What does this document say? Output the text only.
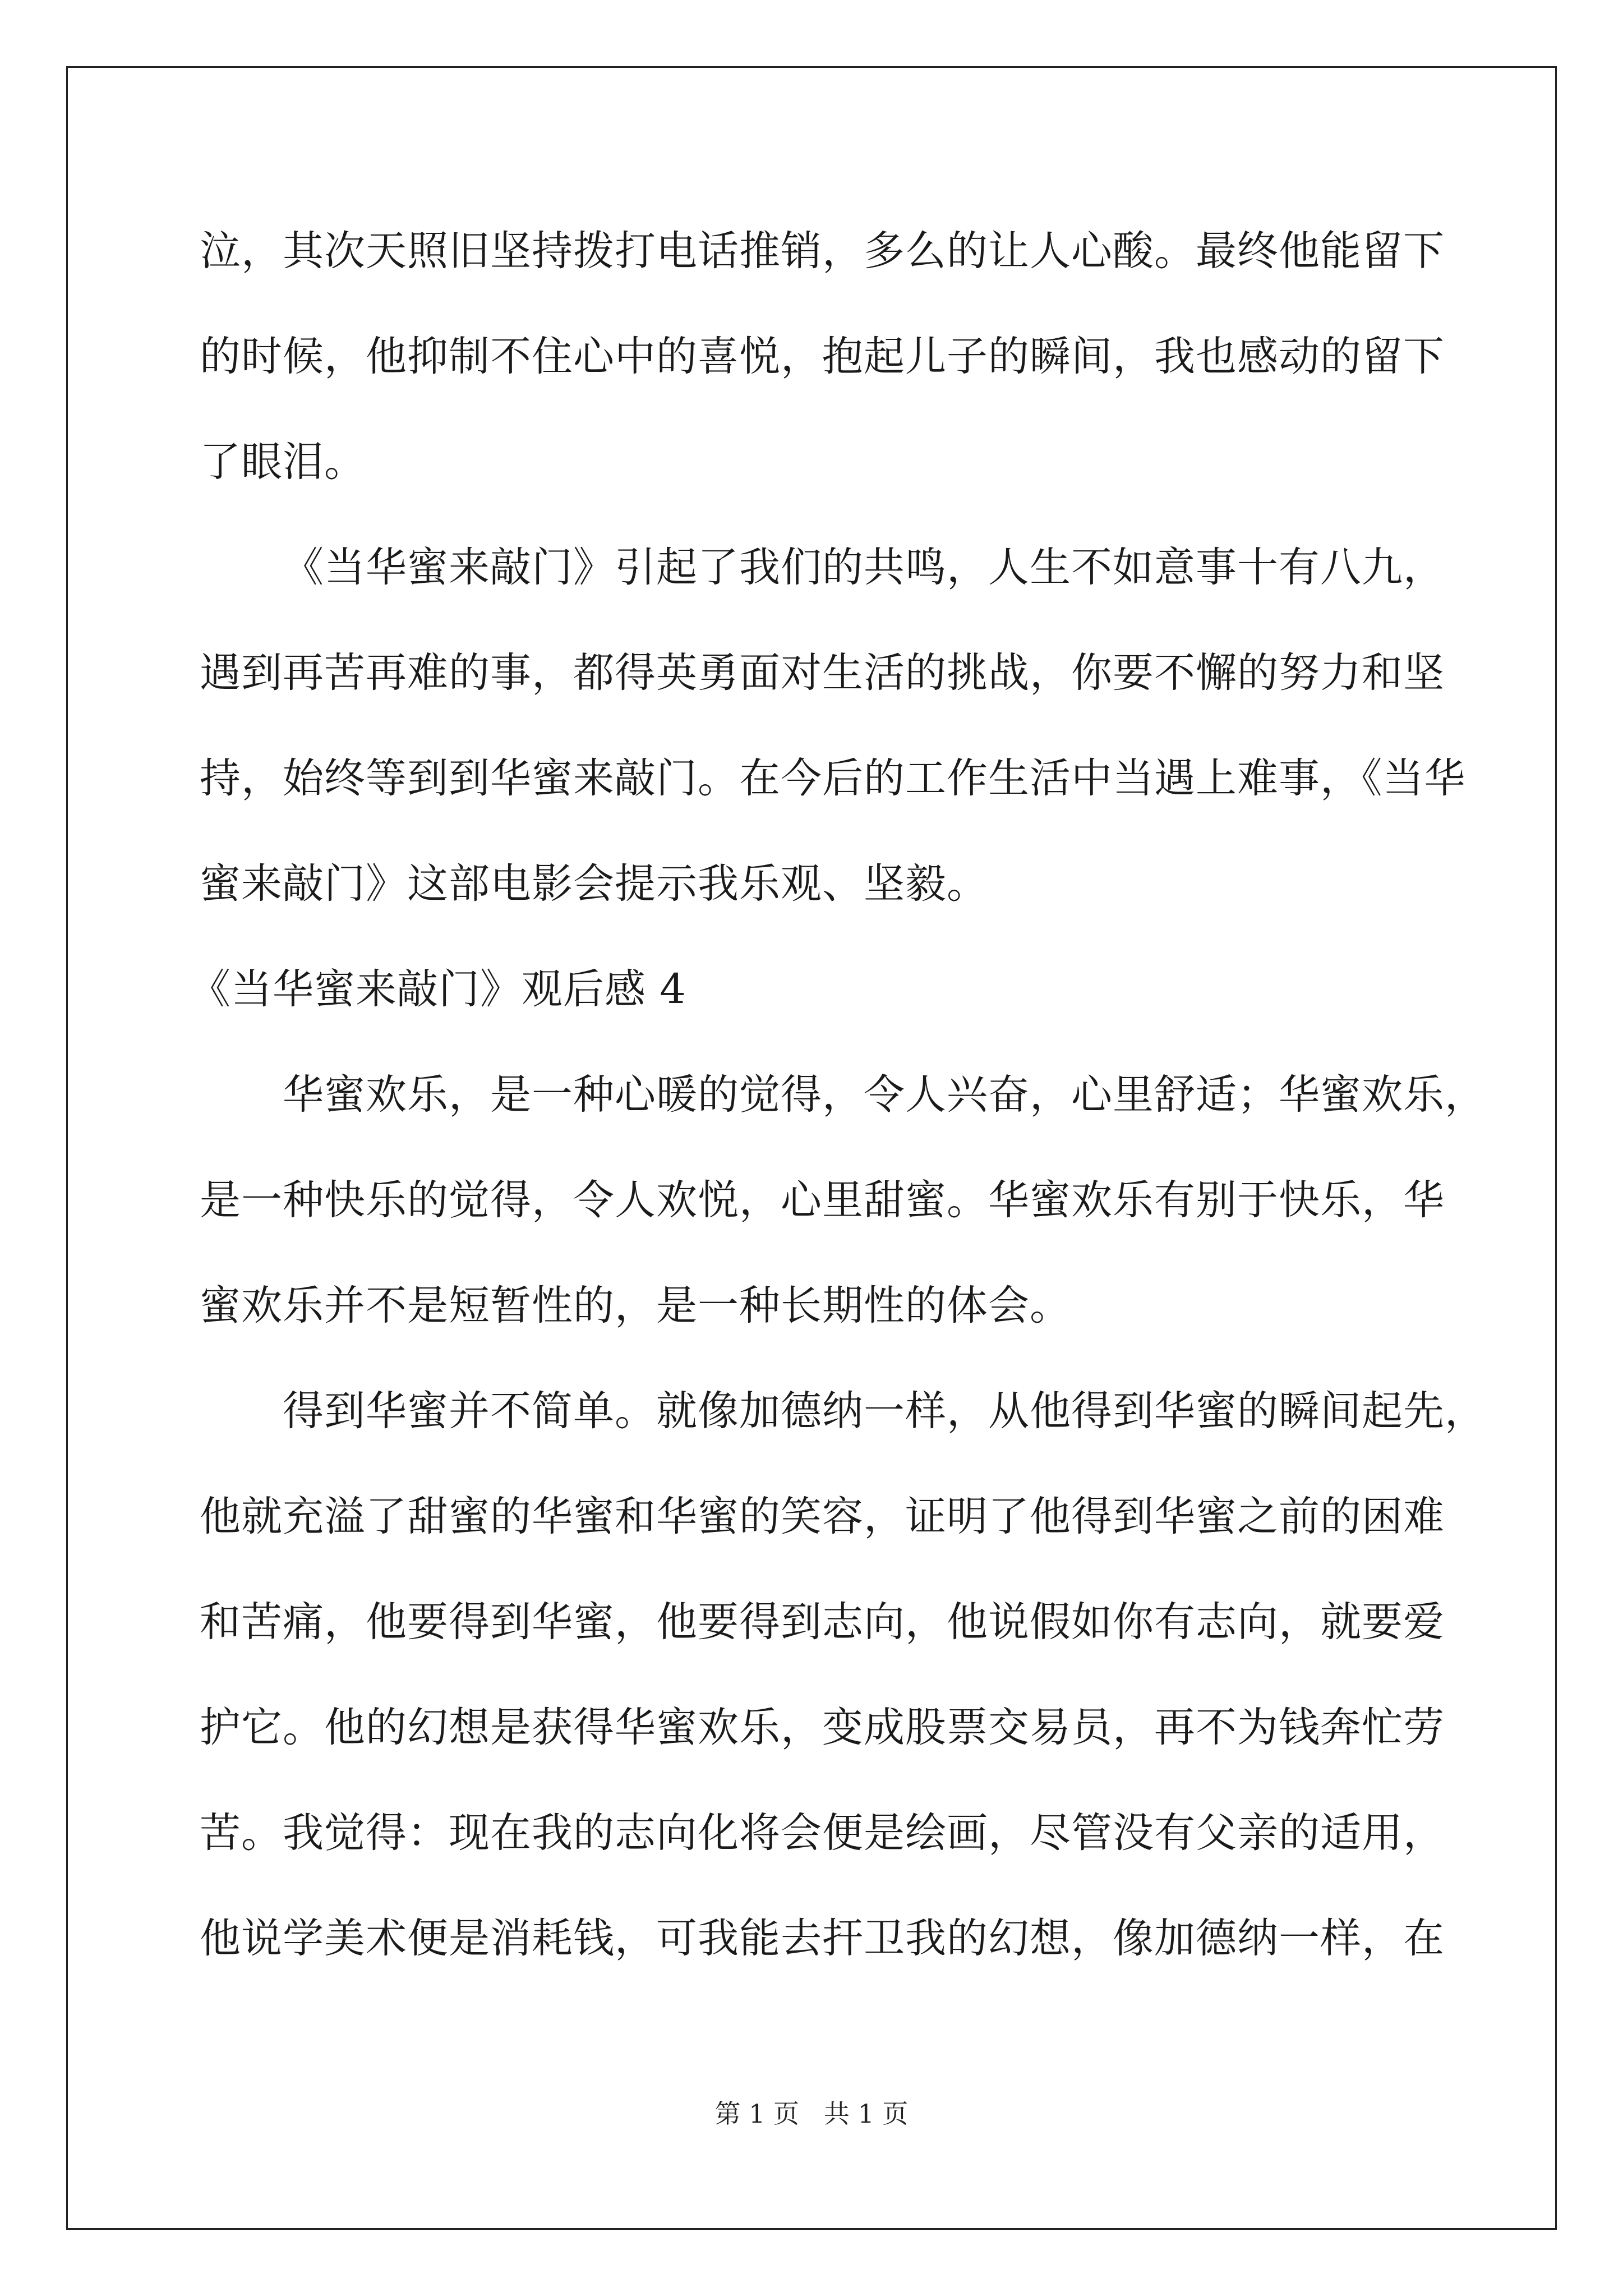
泣，其次天照旧坚持拨打电话推销，多么的让人心酸。最终他能留下
的时候，他抑制不住心中的喜悦，抱起儿子的瞬间，我也感动的留下
了眼泪。
《当华蜜来敲门》引起了我们的共鸣，人生不如意事十有八九，
遇到再苦再难的事，都得英勇面对生活的挑战，你要不懈的努力和坚
持，始终等到到华蜜来敲门。在今后的工作生活中当遇上难事，《当华
蜜来敲门》这部电影会提示我乐观、坚毅。
《当华蜜来敲门》观后感 4
华蜜欢乐，是一种心暖的觉得，令人兴奋，心里舒适；华蜜欢乐，
是一种快乐的觉得，令人欢悦，心里甜蜜。华蜜欢乐有别于快乐，华
蜜欢乐并不是短暂性的，是一种长期性的体会。
得到华蜜并不简单。就像加德纳一样，从他得到华蜜的瞬间起先，
他就充溢了甜蜜的华蜜和华蜜的笑容，证明了他得到华蜜之前的困难
和苦痛，他要得到华蜜，他要得到志向，他说假如你有志向，就要爱
护它。他的幻想是获得华蜜欢乐，变成股票交易员，再不为钱奔忙劳
苦。我觉得：现在我的志向化将会便是绘画，尽管没有父亲的适用，
他说学美术便是消耗钱，可我能去扞卫我的幻想，像加德纳一样，在
第 1 页   共 1 页
